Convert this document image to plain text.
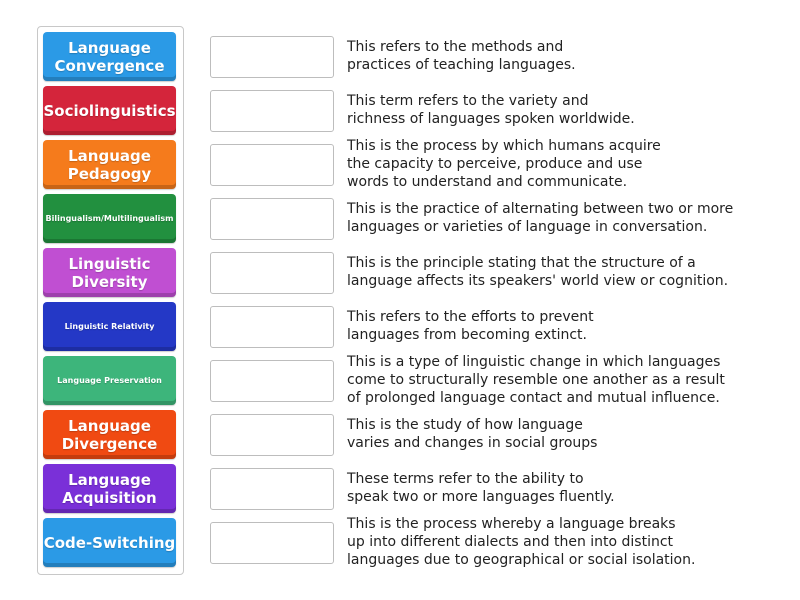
Language Convergence
Sociolinguistics
Language Pedagogy
Bilingualism/Multilingualism
Linguistic Diversity
Linguistic Relativity
Language Preservation
Language Divergence
Language Acquisition
Code-Switching
This refers to the methods and
practices of teaching languages.
This term refers to the variety and
richness of languages spoken worldwide.
This is the process by which humans acquire
the capacity to perceive, produce and use
words to understand and communicate.
This is the practice of alternating between two or more
languages or varieties of language in conversation.
This is the principle stating that the structure of a
language affects its speakers' world view or cognition.
This refers to the efforts to prevent
languages from becoming extinct.
This is a type of linguistic change in which languages
come to structurally resemble one another as a result
of prolonged language contact and mutual influence.
This is the study of how language
varies and changes in social groups
These terms refer to the ability to
speak two or more languages fluently.
This is the process whereby a language breaks
up into different dialects and then into distinct
languages due to geographical or social isolation.
